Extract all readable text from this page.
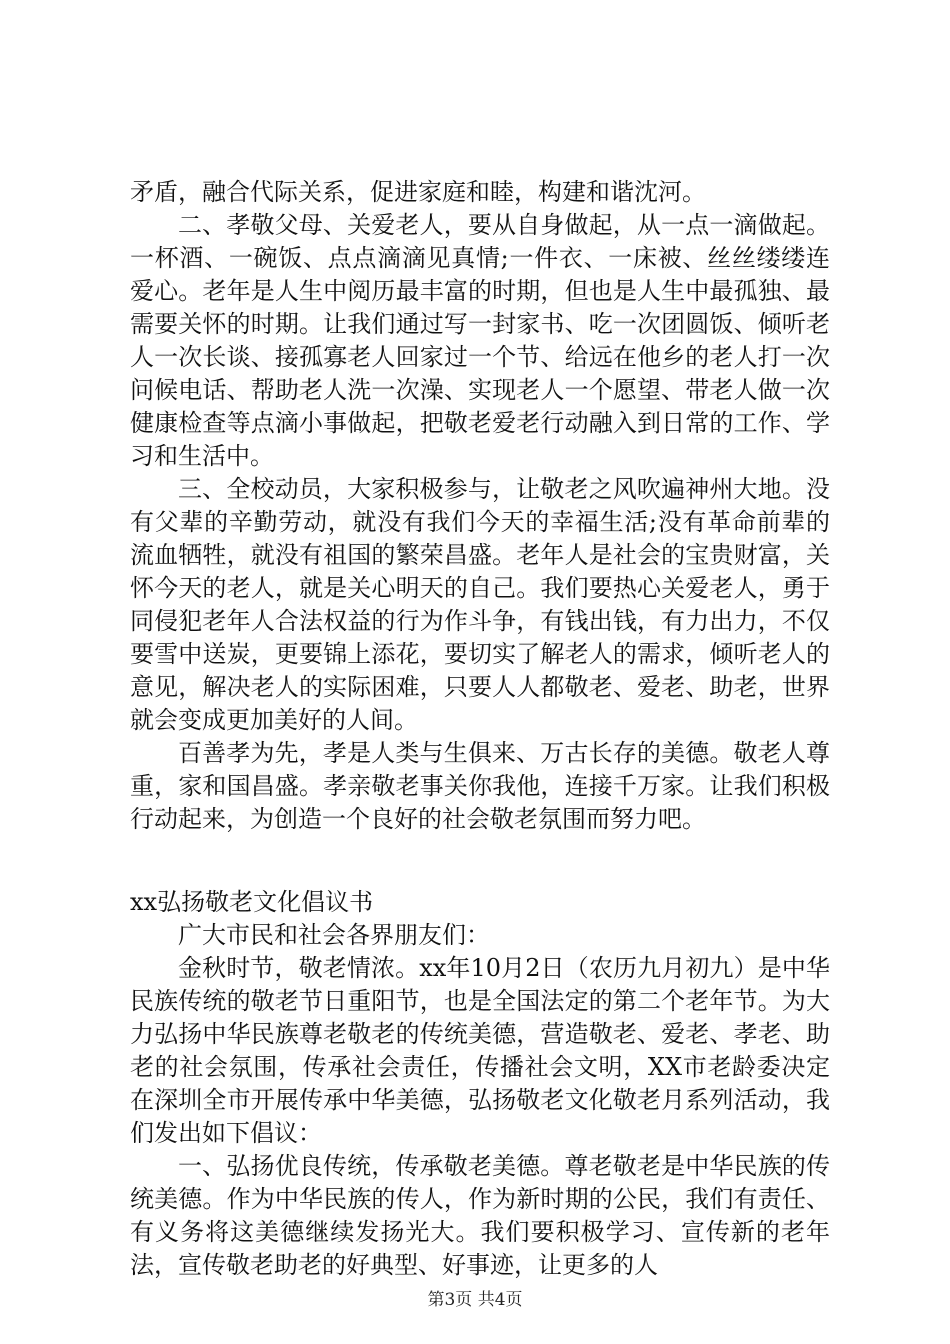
矛盾，融合代际关系，促进家庭和睦，构建和谐沈河。

二、孝敬父母、关爱老人，要从自身做起，从一点一滴做起。一杯酒、一碗饭、点点滴滴见真情;一件衣、一床被、丝丝缕缕连爱心。老年是人生中阅历最丰富的时期，但也是人生中最孤独、最需要关怀的时期。让我们通过写一封家书、吃一次团圆饭、倾听老人一次长谈、接孤寡老人回家过一个节、给远在他乡的老人打一次问候电话、帮助老人洗一次澡、实现老人一个愿望、带老人做一次健康检查等点滴小事做起，把敬老爱老行动融入到日常的工作、学习和生活中。

三、全校动员，大家积极参与，让敬老之风吹遍神州大地。没有父辈的辛勤劳动，就没有我们今天的幸福生活;没有革命前辈的流血牺牲，就没有祖国的繁荣昌盛。老年人是社会的宝贵财富，关怀今天的老人，就是关心明天的自己。我们要热心关爱老人，勇于同侵犯老年人合法权益的行为作斗争，有钱出钱，有力出力，不仅要雪中送炭，更要锦上添花，要切实了解老人的需求，倾听老人的意见，解决老人的实际困难，只要人人都敬老、爱老、助老，世界就会变成更加美好的人间。

百善孝为先，孝是人类与生俱来、万古长存的美德。敬老人尊重，家和国昌盛。孝亲敬老事关你我他，连接千万家。让我们积极行动起来，为创造一个良好的社会敬老氛围而努力吧。

xx弘扬敬老文化倡议书

广大市民和社会各界朋友们：

金秋时节，敬老情浓。xx年10月2日（农历九月初九）是中华民族传统的敬老节日重阳节，也是全国法定的第二个老年节。为大力弘扬中华民族尊老敬老的传统美德，营造敬老、爱老、孝老、助老的社会氛围，传承社会责任，传播社会文明，XX市老龄委决定在深圳全市开展传承中华美德，弘扬敬老文化敬老月系列活动，我们发出如下倡议：

一、弘扬优良传统，传承敬老美德。尊老敬老是中华民族的传统美德。作为中华民族的传人，作为新时期的公民，我们有责任、有义务将这美德继续发扬光大。我们要积极学习、宣传新的老年法，宣传敬老助老的好典型、好事迹，让更多的人

第3页 共4页
